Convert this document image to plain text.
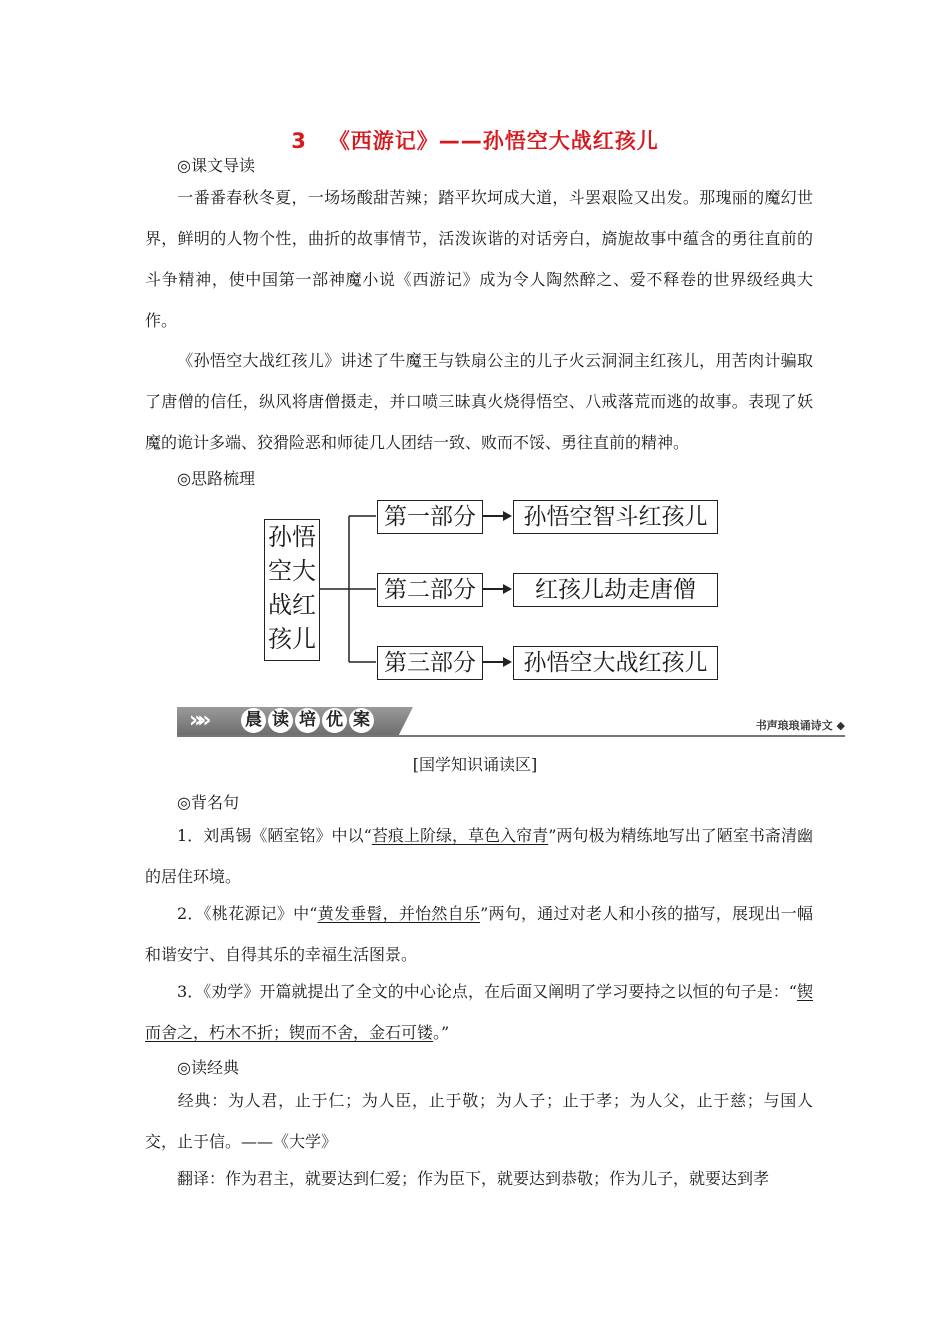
3 《西游记》——孙悟空大战红孩儿
◎课文导读
一番番春秋冬夏，一场场酸甜苦辣；踏平坎坷成大道，斗罢艰险又出发。那瑰丽的魔幻世界，鲜明的人物个性，曲折的故事情节，活泼诙谐的对话旁白，旖旎故事中蕴含的勇往直前的斗争精神，使中国第一部神魔小说《西游记》成为令人陶然醉之、爱不释卷的世界级经典大作。
《孙悟空大战红孩儿》讲述了牛魔王与铁扇公主的儿子火云洞洞主红孩儿，用苦肉计骗取了唐僧的信任，纵风将唐僧摄走，并口喷三昧真火烧得悟空、八戒落荒而逃的故事。表现了妖魔的诡计多端、狡猾险恶和师徒几人团结一致、败而不馁、勇往直前的精神。
◎思路梳理
孙悟
空大
战红
孩儿
第一部分	孙悟空智斗红孩儿
第二部分	红孩儿劫走唐僧
第三部分	孙悟空大战红孩儿
»» 晨 读 培 优 案	书声琅琅诵诗文 ◆
[国学知识诵读区]
◎背名句
1．刘禹锡《陋室铭》中以“苔痕上阶绿，草色入帘青”两句极为精练地写出了陋室书斋清幽的居住环境。
2．《桃花源记》中“黄发垂髫，并怡然自乐”两句，通过对老人和小孩的描写，展现出一幅和谐安宁、自得其乐的幸福生活图景。
3．《劝学》开篇就提出了全文的中心论点，在后面又阐明了学习要持之以恒的句子是：“锲而舍之，朽木不折；锲而不舍，金石可镂。”
◎读经典
经典：为人君，止于仁；为人臣，止于敬；为人子；止于孝；为人父，止于慈；与国人交，止于信。——《大学》
翻译：作为君主，就要达到仁爱；作为臣下，就要达到恭敬；作为儿子，就要达到孝
